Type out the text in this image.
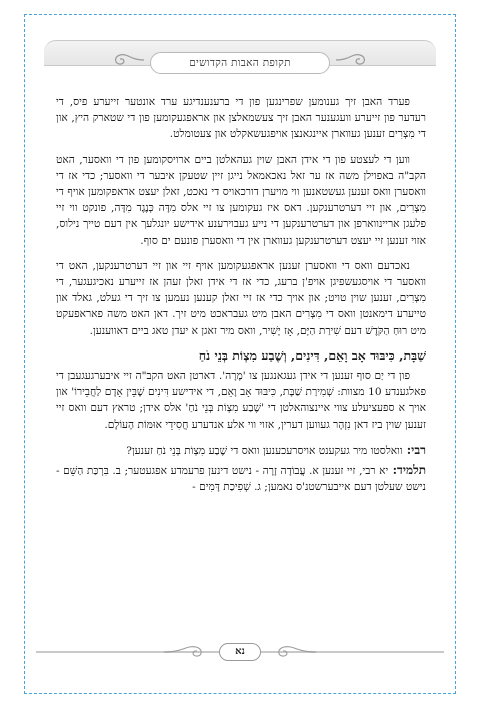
תקופת האבות הקדושים

פערד האבן זיך גענומען שפרינגען פון די ברענענדיגע ערד אונטער זייערע פיס, די רעדער פון זייערע וועגענער האבן זיך צעשמאלצן און אראפגעקומען פון די שטארק היץ, און די מִצְרִים זענען געווארן איינגאנצן אויפגעשאקלט און צעטומלט.

ווען די לעצטע פון די אידן האבן שוין געהאלטן ביים ארויסקומען פון די וואסער, האט הקב"ה באפוילן משה אז ער זאל נאכאמאל נייגן זיין שטעקן איבער די וואסער; כדי אז די וואסערן וואס זענען געשטאנען ווי מויערן דורכאויס די נאכט, זאלן יעצט אראפקומען אויף די מִצְרִים, און זיי דערטרענקען. דאס איז געקומען צו זיי אלס מִדָּה כְּנֶגֶד מִדָּה, פונקט ווי זיי פלעגן אריינווארפן און דערטרענקען די נייע געבוירענע אידישע יונגלעך אין דעם טייך נילוס, אזוי זענען זיי יעצט דערטרענקען געווארן אין די וואסערן פונעם ים סוף.

נאכדעם וואס די וואסערן זענען אראפגעקומען אויף זיי און זיי דערטרענקען, האט די וואסער די אויסגעשפיגן אויפ'ן ברעג, כדי אז די אידן זאלן זעהן אז זייערע נאכיגעגער, די מִצְרִים, זענען שוין טויט; און אויך כדי אז זיי זאלן קענען נעמען צו זיך די געלט, גאלד און טייערע דימאנטן וואס די מִצְרִים האבן מיט געבראכט מיט זיך. דאן האט משה פאראפעקט מיט רוּחַ הַקֹּדֶשׁ דעם שִׁירַת הַיָּם, אָז יָשִׁיר, וואס מיר זאגן א יעדן טאג ביים דאווענען.

שַׁבָּת, כִּיבּוּד אָב וָאֵם, דִּינִים, וְשֶׁבַע מִצְוֹת בְּנֵי נֹחַ

פון די יַם סוף זענען די אידן געגאנגען צו 'מָרָה'. דארטן האט הקב"ה זיי איבערגעגעבן די פאלגענדע 10 מצוות: שְׁמִירַת שַׁבָּת, כִּיבּוּד אָב וָאֵם, די אידישע דִּינִים שֶׁבֵּין אָדָם לַחֲבֵירוֹ' און אויך א ספעציעלע צווי איינצוהאלטן די 'שֶׁבַע מִצְוֹת בְּנֵי נֹחַ' אלס אידן; טראץ דעם וואס זיי זענען שוין ביז דאן נִזְהָר געווען דערין, אזוי ווי אלע אנדערע חֲסִידֵי אוּמּוֹת הָעוֹלָם.

רבי: וואלסטו מיר געקענט אויסרעכענען וואס די שֶׁבַע מִצְוֹת בְּנֵי נֹחַ זענען?

תלמיד: יא רבי, זיי זענען א. עֲבוֹדָה זָרָה - נישט דינען פרעמדע אפגעטער; ב. בִּרְכַּת הַשֵּׁם - נישט שעלטן דעם אייבערשטנ'ס נאמען; ג. שְׁפִיכַת דָּמִים -

נא
